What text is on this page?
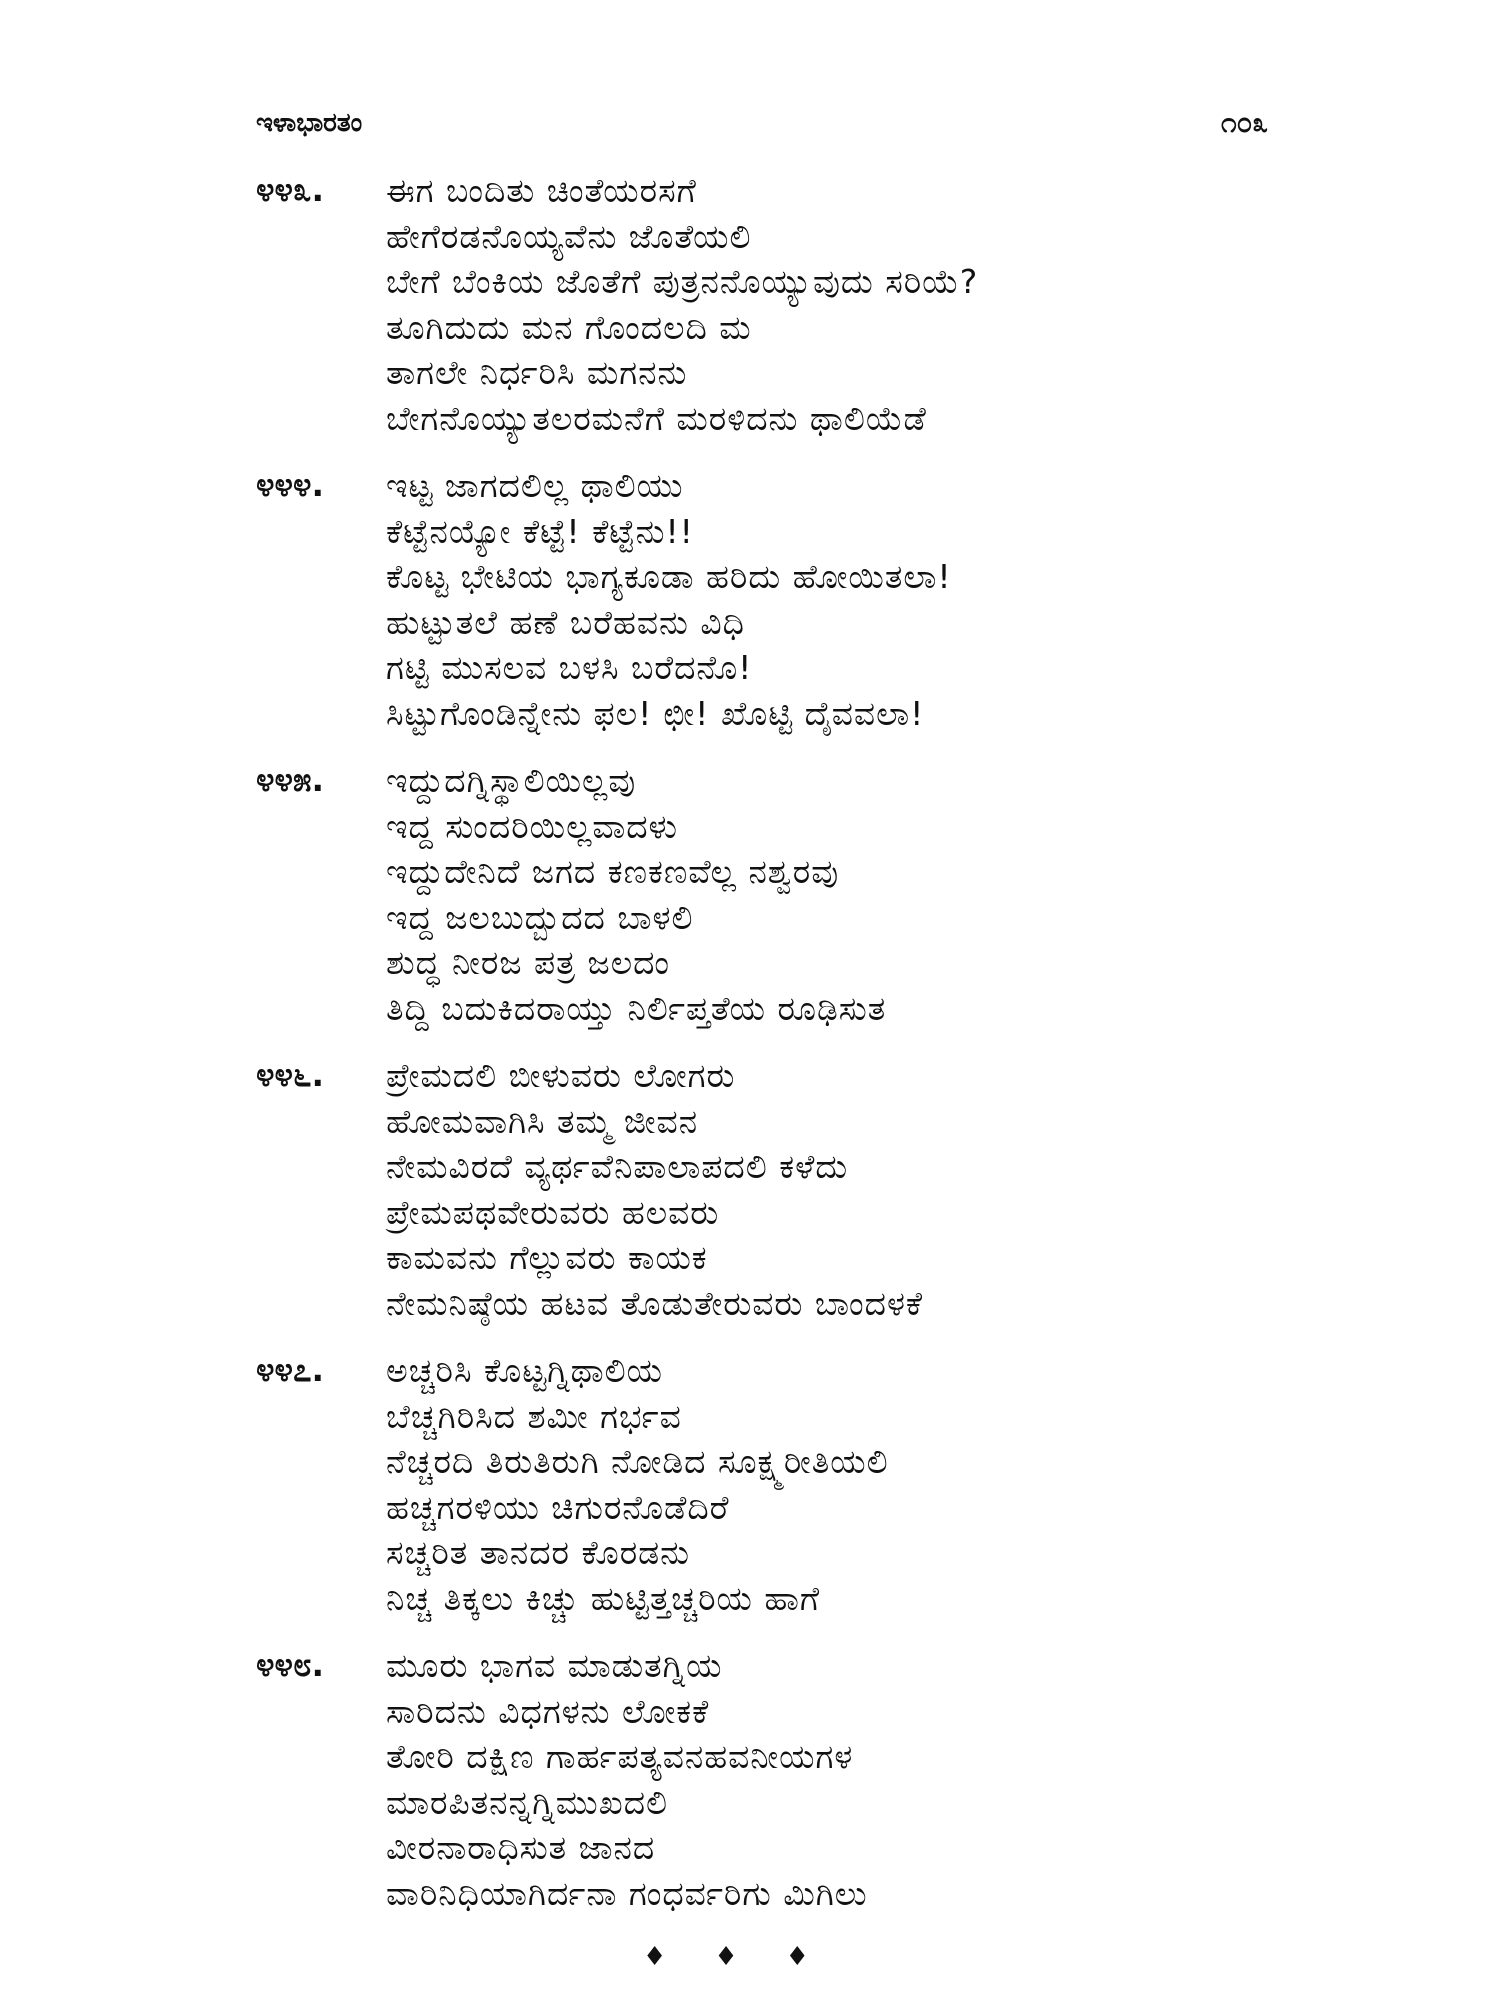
ಇಳಾಭಾರತಂ	೧೦೩
೪೪೩.	ಈಗ ಬಂದಿತು ಚಿಂತೆಯರಸಗೆ
ಹೇಗೆರಡನೊಯ್ಯವೆನು ಜೊತೆಯಲಿ
ಬೇಗೆ ಬೆಂಕಿಯ ಜೊತೆಗೆ ಪುತ್ರನನೊಯ್ಯುವುದು ಸರಿಯೆ?
ತೂಗಿದುದು ಮನ ಗೊಂದಲದಿ ಮ
ತಾಗಲೇ ನಿರ್ಧರಿಸಿ ಮಗನನು
ಬೇಗನೊಯ್ಯುತಲರಮನೆಗೆ ಮರಳಿದನು ಥಾಲಿಯೆಡೆ
೪೪೪.	ಇಟ್ಟ ಜಾಗದಲಿಲ್ಲ ಥಾಲಿಯು
ಕೆಟ್ಟೆನಯ್ಯೋ ಕೆಟ್ಟೆ! ಕೆಟ್ಟೆನು!!
ಕೊಟ್ಟ ಭೇಟಿಯ ಭಾಗ್ಯಕೂಡಾ ಹರಿದು ಹೋಯಿತಲಾ!
ಹುಟ್ಟುತಲೆ ಹಣೆ ಬರೆಹವನು ವಿಧಿ
ಗಟ್ಟಿ ಮುಸಲವ ಬಳಸಿ ಬರೆದನೊ!
ಸಿಟ್ಟುಗೊಂಡಿನ್ನೇನು ಫಲ! ಛೀ! ಖೊಟ್ಟಿ ದೈವವಲಾ!
೪೪೫.	ಇದ್ದುದಗ್ನಿಸ್ಥಾಲಿಯಿಲ್ಲವು
ಇದ್ದ ಸುಂದರಿಯಿಲ್ಲವಾದಳು
ಇದ್ದುದೇನಿದೆ ಜಗದ ಕಣಕಣವೆಲ್ಲ ನಶ್ವರವು
ಇದ್ದ ಜಲಬುದ್ಬುದದ ಬಾಳಲಿ
ಶುದ್ಧ ನೀರಜ ಪತ್ರ ಜಲದಂ
ತಿದ್ದಿ ಬದುಕಿದರಾಯ್ತು ನಿರ್ಲಿಪ್ತತೆಯ ರೂಢಿಸುತ
೪೪೬.	ಪ್ರೇಮದಲಿ ಬೀಳುವರು ಲೋಗರು
ಹೋಮವಾಗಿಸಿ ತಮ್ಮ ಜೀವನ
ನೇಮವಿರದೆ ವ್ಯರ್ಥವೆನಿಪಾಲಾಪದಲಿ ಕಳೆದು
ಪ್ರೇಮಪಥವೇರುವರು ಹಲವರು
ಕಾಮವನು ಗೆಲ್ಲುವರು ಕಾಯಕ
ನೇಮನಿಷ್ಠೆಯ ಹಟವ ತೊಡುತೇರುವರು ಬಾಂದಳಕೆ
೪೪೭.	ಅಚ್ಚರಿಸಿ ಕೊಟ್ಟಗ್ನಿಥಾಲಿಯ
ಬೆಚ್ಚಗಿರಿಸಿದ ಶಮೀ ಗರ್ಭವ
ನೆಚ್ಚರದಿ ತಿರುತಿರುಗಿ ನೋಡಿದ ಸೂಕ್ಷ್ಮರೀತಿಯಲಿ
ಹಚ್ಚಗರಳಿಯು ಚಿಗುರನೊಡೆದಿರೆ
ಸಚ್ಚರಿತ ತಾನದರ ಕೊರಡನು
ನಿಚ್ಚ ತಿಕ್ಕಲು ಕಿಚ್ಚು ಹುಟ್ಟಿತ್ತಚ್ಚರಿಯ ಹಾಗೆ
೪೪೮.	ಮೂರು ಭಾಗವ ಮಾಡುತಗ್ನಿಯ
ಸಾರಿದನು ವಿಧಗಳನು ಲೋಕಕೆ
ತೋರಿ ದಕ್ಷಿಣ ಗಾರ್ಹಪತ್ಯವನಹವನೀಯಗಳ
ಮಾರಪಿತನನ್ನಗ್ನಿಮುಖದಲಿ
ವೀರನಾರಾಧಿಸುತ ಜಾನದ
ವಾರಿನಿಧಿಯಾಗಿರ್ದನಾ ಗಂಧರ್ವರಿಗು ಮಿಗಿಲು
♦♦♦
